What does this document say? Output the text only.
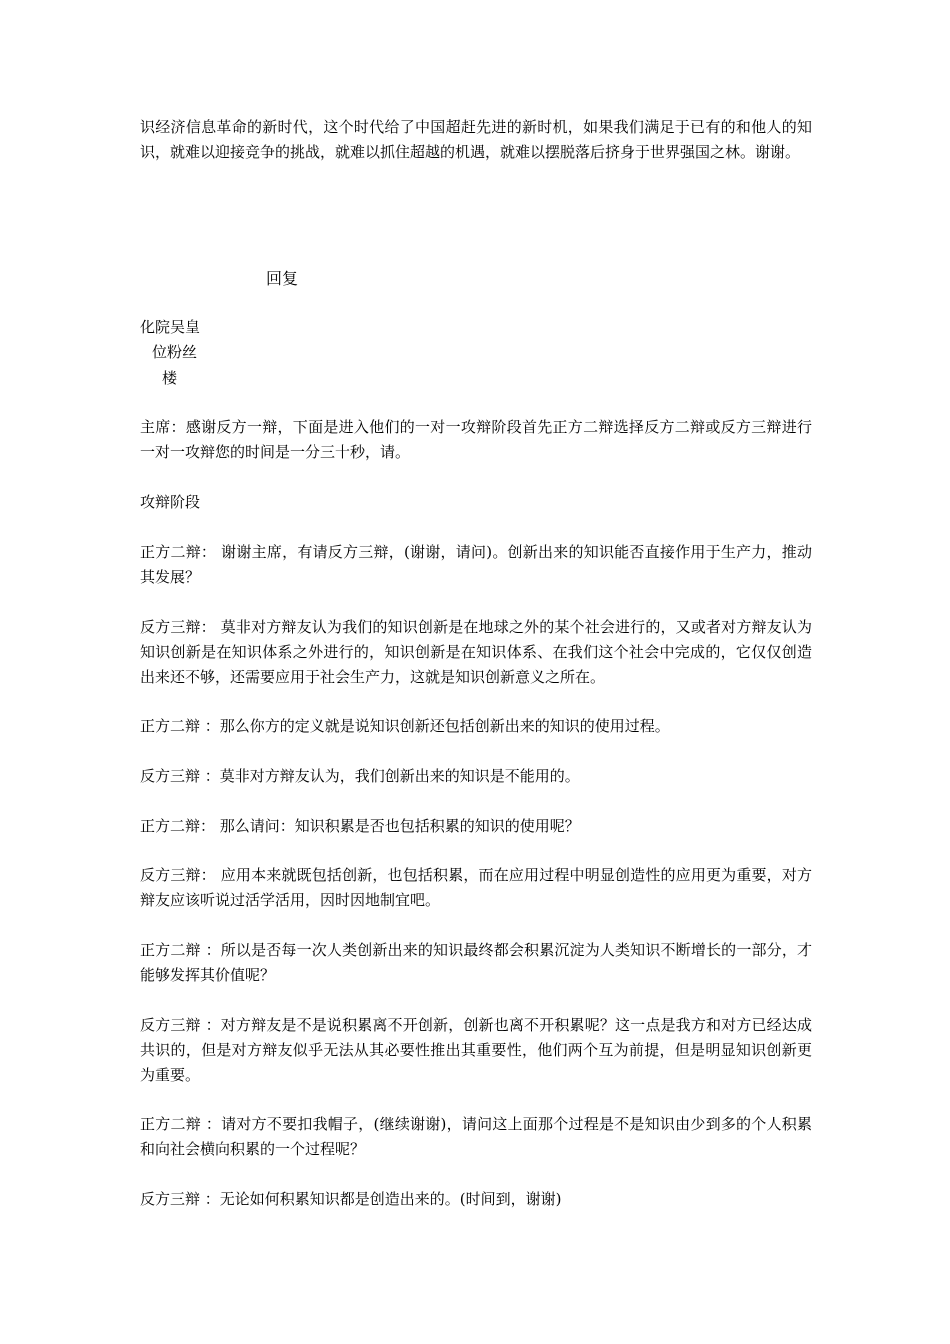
识经济信息革命的新时代，这个时代给了中国超赶先进的新时机，如果我们满足于已有的和他人的知识，就难以迎接竞争的挑战，就难以抓住超越的机遇，就难以摆脱落后挤身于世界强国之林。谢谢。

回复

化院吴皇

位粉丝

楼

主席：感谢反方一辩，下面是进入他们的一对一攻辩阶段首先正方二辩选择反方二辩或反方三辩进行一对一攻辩您的时间是一分三十秒，请。

攻辩阶段

正方二辩： 谢谢主席，有请反方三辩，(谢谢，请问)。创新出来的知识能否直接作用于生产力，推动其发展？

反方三辩： 莫非对方辩友认为我们的知识创新是在地球之外的某个社会进行的，又或者对方辩友认为知识创新是在知识体系之外进行的，知识创新是在知识体系、在我们这个社会中完成的，它仅仅创造出来还不够，还需要应用于社会生产力，这就是知识创新意义之所在。

正方二辩 ：那么你方的定义就是说知识创新还包括创新出来的知识的使用过程。

反方三辩 ：莫非对方辩友认为，我们创新出来的知识是不能用的。

正方二辩： 那么请问：知识积累是否也包括积累的知识的使用呢？

反方三辩： 应用本来就既包括创新，也包括积累，而在应用过程中明显创造性的应用更为重要，对方辩友应该听说过活学活用，因时因地制宜吧。

正方二辩 ：所以是否每一次人类创新出来的知识最终都会积累沉淀为人类知识不断增长的一部分，才能够发挥其价值呢？

反方三辩 ：对方辩友是不是说积累离不开创新，创新也离不开积累呢？这一点是我方和对方已经达成共识的，但是对方辩友似乎无法从其必要性推出其重要性，他们两个互为前提，但是明显知识创新更为重要。

正方二辩 ：请对方不要扣我帽子，(继续谢谢)，请问这上面那个过程是不是知识由少到多的个人积累和向社会横向积累的一个过程呢？

反方三辩 ：无论如何积累知识都是创造出来的。(时间到，谢谢)
